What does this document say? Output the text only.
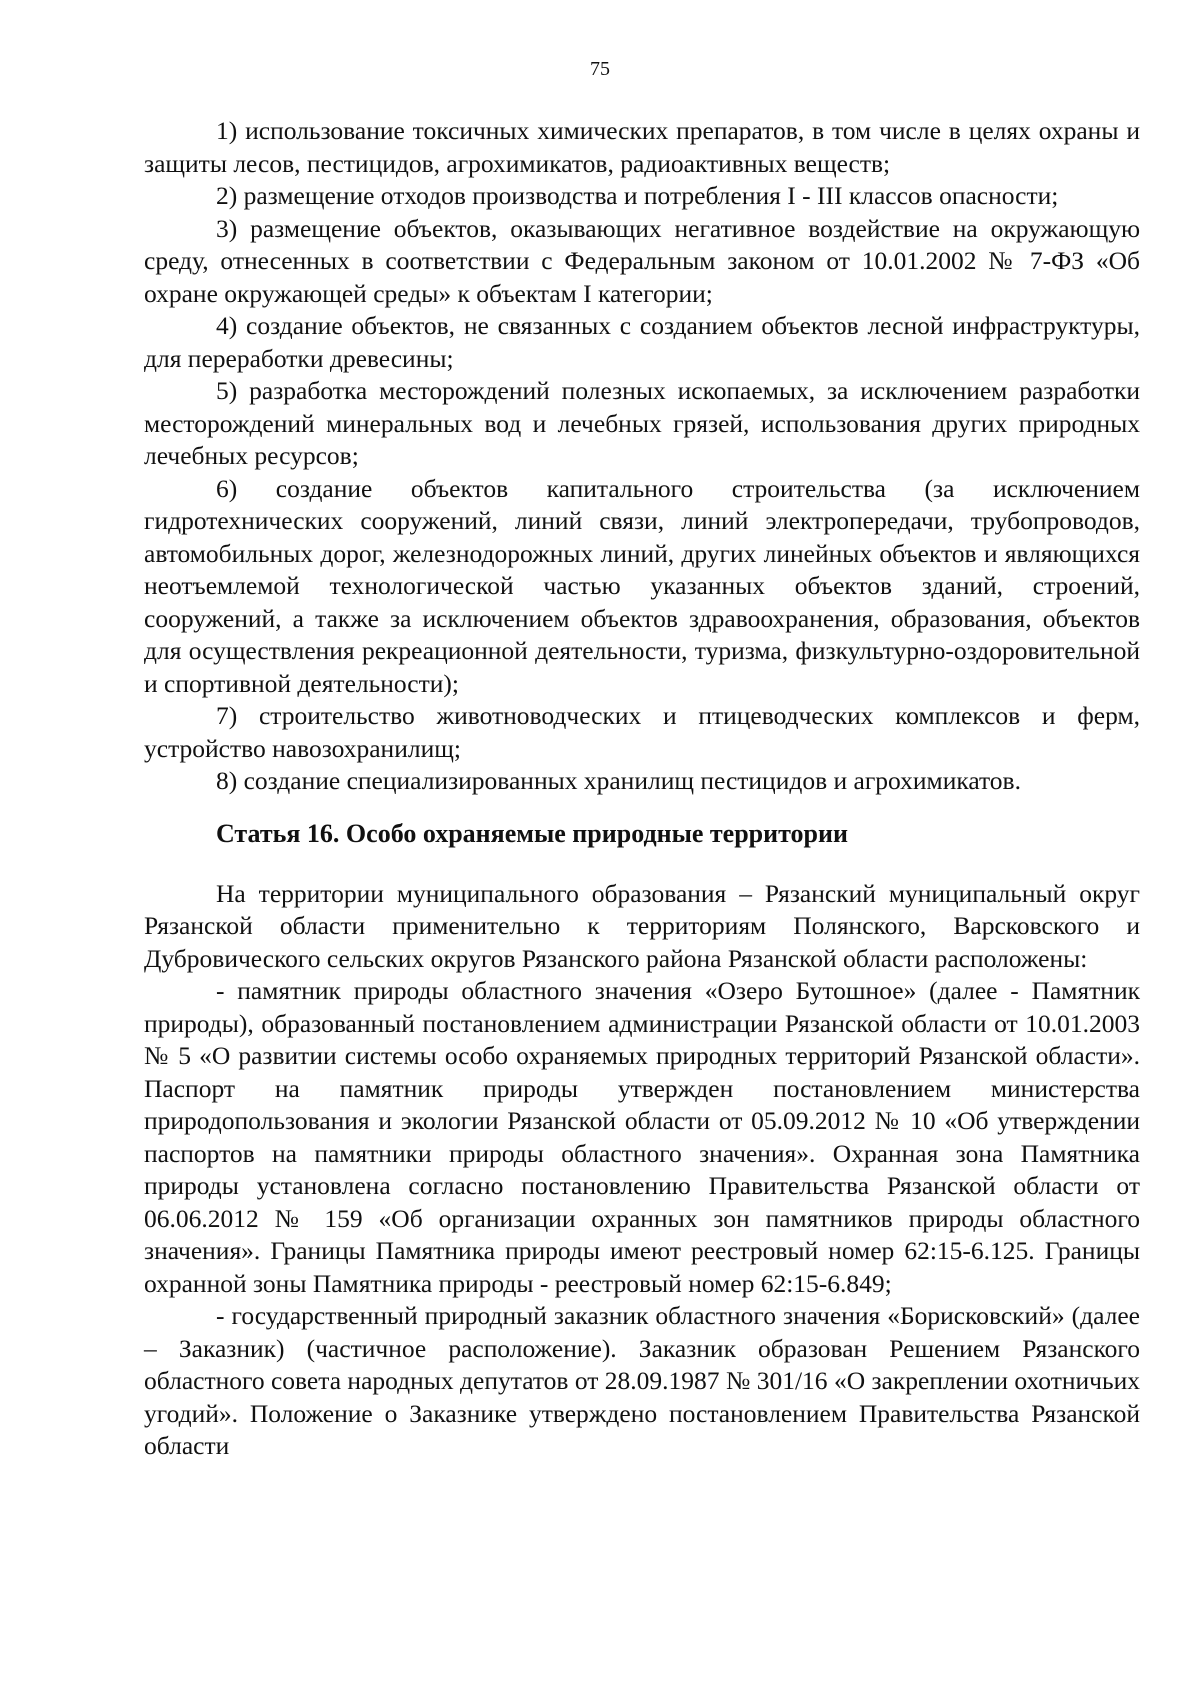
75

1) использование токсичных химических препаратов, в том числе в целях охраны и защиты лесов, пестицидов, агрохимикатов, радиоактивных веществ;

2) размещение отходов производства и потребления I - III классов опасности;

3) размещение объектов, оказывающих негативное воздействие на окружающую среду, отнесенных в соответствии с Федеральным законом от 10.01.2002 № 7-ФЗ «Об охране окружающей среды» к объектам I категории;

4) создание объектов, не связанных с созданием объектов лесной инфраструктуры, для переработки древесины;

5) разработка месторождений полезных ископаемых, за исключением разработки месторождений минеральных вод и лечебных грязей, использования других природных лечебных ресурсов;

6) создание объектов капитального строительства (за исключением гидротехнических сооружений, линий связи, линий электропередачи, трубопроводов, автомобильных дорог, железнодорожных линий, других линейных объектов и являющихся неотъемлемой технологической частью указанных объектов зданий, строений, сооружений, а также за исключением объектов здравоохранения, образования, объектов для осуществления рекреационной деятельности, туризма, физкультурно-оздоровительной и спортивной деятельности);

7) строительство животноводческих и птицеводческих комплексов и ферм, устройство навозохранилищ;

8) создание специализированных хранилищ пестицидов и агрохимикатов.

Статья 16. Особо охраняемые природные территории

На территории муниципального образования – Рязанский муниципальный округ Рязанской области применительно к территориям Полянского, Варсковского и Дубровического сельских округов Рязанского района Рязанской области расположены:

- памятник природы областного значения «Озеро Бутошное» (далее - Памятник природы), образованный постановлением администрации Рязанской области от 10.01.2003 № 5 «О развитии системы особо охраняемых природных территорий Рязанской области». Паспорт на памятник природы утвержден постановлением министерства природопользования и экологии Рязанской области от 05.09.2012 № 10 «Об утверждении паспортов на памятники природы областного значения». Охранная зона Памятника природы установлена согласно постановлению Правительства Рязанской области от 06.06.2012 № 159 «Об организации охранных зон памятников природы областного значения». Границы Памятника природы имеют реестровый номер 62:15-6.125. Границы охранной зоны Памятника природы - реестровый номер 62:15-6.849;

- государственный природный заказник областного значения «Борисковский» (далее – Заказник) (частичное расположение). Заказник образован Решением Рязанского областного совета народных депутатов от 28.09.1987 № 301/16 «О закреплении охотничьих угодий». Положение о Заказнике утверждено постановлением Правительства Рязанской области
